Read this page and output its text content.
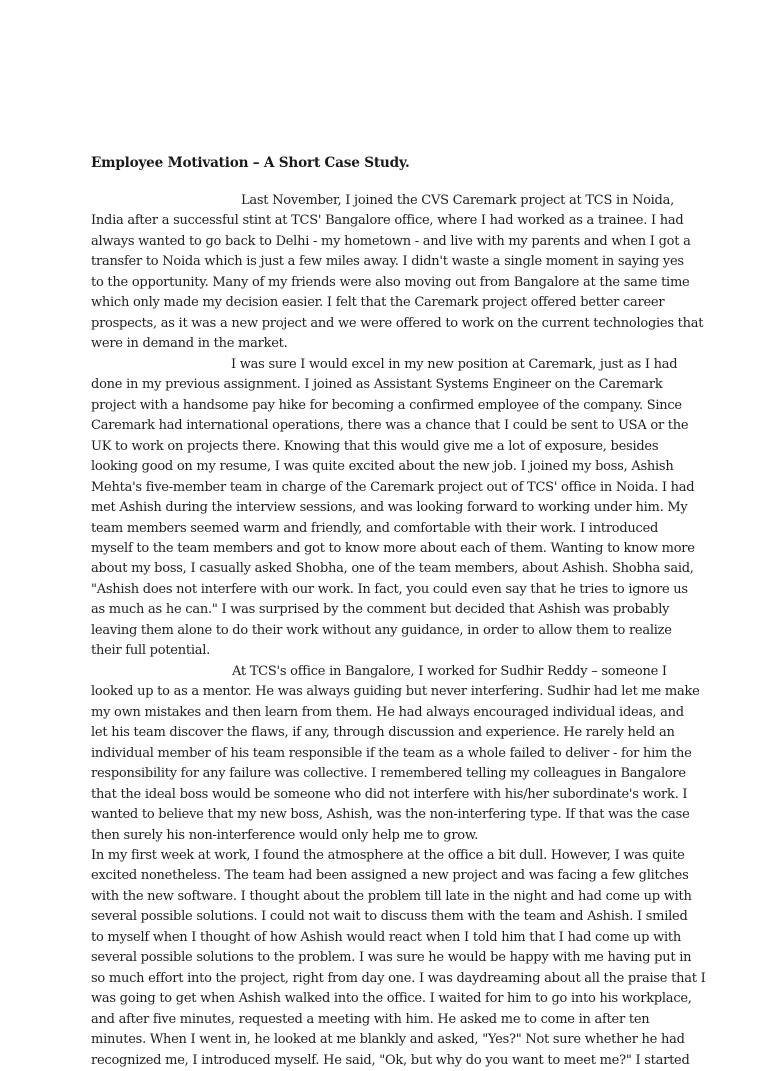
Employee Motivation – A Short Case Study.
Last November, I joined the CVS Caremark project at TCS in Noida,
India after a successful stint at TCS' Bangalore office, where I had worked as a trainee. I had
always wanted to go back to Delhi - my hometown - and live with my parents and when I got a
transfer to Noida which is just a few miles away. I didn't waste a single moment in saying yes
to the opportunity. Many of my friends were also moving out from Bangalore at the same time
which only made my decision easier. I felt that the Caremark project offered better career
prospects, as it was a new project and we were offered to work on the current technologies that
were in demand in the market.
I was sure I would excel in my new position at Caremark, just as I had
done in my previous assignment. I joined as Assistant Systems Engineer on the Caremark
project with a handsome pay hike for becoming a confirmed employee of the company. Since
Caremark had international operations, there was a chance that I could be sent to USA or the
UK to work on projects there. Knowing that this would give me a lot of exposure, besides
looking good on my resume, I was quite excited about the new job. I joined my boss, Ashish
Mehta's five-member team in charge of the Caremark project out of TCS' office in Noida. I had
met Ashish during the interview sessions, and was looking forward to working under him. My
team members seemed warm and friendly, and comfortable with their work. I introduced
myself to the team members and got to know more about each of them. Wanting to know more
about my boss, I casually asked Shobha, one of the team members, about Ashish. Shobha said,
"Ashish does not interfere with our work. In fact, you could even say that he tries to ignore us
as much as he can." I was surprised by the comment but decided that Ashish was probably
leaving them alone to do their work without any guidance, in order to allow them to realize
their full potential.
At TCS's office in Bangalore, I worked for Sudhir Reddy – someone I
looked up to as a mentor. He was always guiding but never interfering. Sudhir had let me make
my own mistakes and then learn from them. He had always encouraged individual ideas, and
let his team discover the flaws, if any, through discussion and experience. He rarely held an
individual member of his team responsible if the team as a whole failed to deliver - for him the
responsibility for any failure was collective. I remembered telling my colleagues in Bangalore
that the ideal boss would be someone who did not interfere with his/her subordinate's work. I
wanted to believe that my new boss, Ashish, was the non-interfering type. If that was the case
then surely his non-interference would only help me to grow.
In my first week at work, I found the atmosphere at the office a bit dull. However, I was quite
excited nonetheless. The team had been assigned a new project and was facing a few glitches
with the new software. I thought about the problem till late in the night and had come up with
several possible solutions. I could not wait to discuss them with the team and Ashish. I smiled
to myself when I thought of how Ashish would react when I told him that I had come up with
several possible solutions to the problem. I was sure he would be happy with me having put in
so much effort into the project, right from day one. I was daydreaming about all the praise that I
was going to get when Ashish walked into the office. I waited for him to go into his workplace,
and after five minutes, requested a meeting with him. He asked me to come in after ten
minutes. When I went in, he looked at me blankly and asked, "Yes?" Not sure whether he had
recognized me, I introduced myself. He said, "Ok, but why do you want to meet me?" I started
